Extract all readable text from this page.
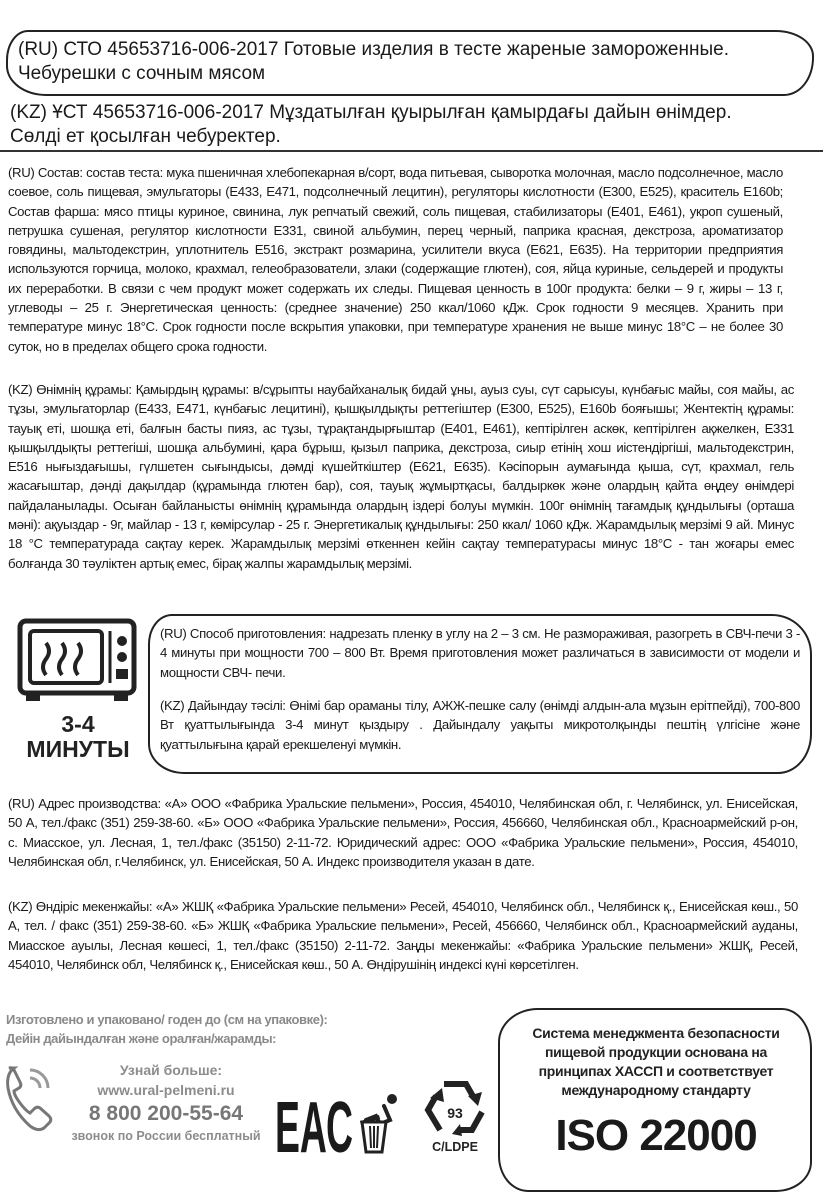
(RU) СТО 45653716-006-2017 Готовые изделия в тесте жареные замороженные.
Чебурешки с сочным мясом
(KZ) ҰСТ 45653716-006-2017 Мұздатылған қуырылған қамырдағы дайын өнімдер.
Сөлді ет қосылған чебуректер.

(RU) Состав: состав теста: мука пшеничная хлебопекарная в/сорт, вода питьевая, сыворотка молочная, масло подсолнечное, масло соевое, соль пищевая, эмульгаторы (Е433, Е471, подсолнечный лецитин), регуляторы кислотности (Е300, Е525), краситель Е160b; Состав фарша: мясо птицы куриное, свинина, лук репчатый свежий, соль пищевая, стабилизаторы (Е401, Е461), укроп сушеный, петрушка сушеная, регулятор кислотности Е331, свиной альбумин, перец черный, паприка красная, декстроза, ароматизатор говядины, мальтодекстрин, уплотнитель Е516, экстракт розмарина, усилители вкуса (Е621, Е635). На территории предприятия используются горчица, молоко, крахмал, гелеобразователи, злаки (содержащие глютен), соя, яйца куриные, сельдерей и продукты их переработки. В связи с чем продукт может содержать их следы. Пищевая ценность в 100г продукта: белки – 9 г, жиры – 13 г, углеводы – 25 г. Энергетическая ценность: (среднее значение) 250 ккал/1060 кДж. Срок годности 9 месяцев. Хранить при температуре минус 18°С. Срок годности после вскрытия упаковки, при температуре хранения не выше минус 18°С – не более 30 суток, но в пределах общего срока годности.

(KZ) Өнімнің құрамы: Қамырдың құрамы: в/сұрыпты наубайханалық бидай ұны, ауыз суы, сүт сарысуы, күнбағыс майы, соя майы, ас тұзы, эмульгаторлар (Е433, Е471, күнбағыс лецитині), қышқылдықты реттегіштер (Е300, Е525), Е160b бояғышы; Жентектің құрамы: тауық еті, шошқа еті, балғын басты пияз, ас тұзы, тұрақтандырғыштар (Е401, Е461), кептірілген аскөк, кептірілген ақжелкен, Е331 қышқылдықты реттегіші, шошқа альбумині, қара бұрыш, қызыл паприка, декстроза, сиыр етінің хош иістендіргіші, мальтодекстрин, Е516 нығыздағышы, гүлшетен сығындысы, дәмді күшейткіштер (Е621, Е635). Кәсіпорын аумағында қыша, сүт, крахмал, гель жасағыштар, дәнді дақылдар (құрамында глютен бар), соя, тауық жұмыртқасы, балдыркөк және олардың қайта өңдеу өнімдері пайдаланылады. Осыған байланысты өнімнің құрамында олардың іздері болуы мүмкін. 100г өнімнің тағамдық құндылығы (орташа мәні): ақуыздар - 9г, майлар - 13 г, көмірсулар - 25 г. Энергетикалық құндылығы: 250 ккал/ 1060 кДж. Жарамдылық мерзімі 9 ай. Минус 18 °С температурада сақтау керек. Жарамдылық мерзімі өткеннен кейін сақтау температурасы минус 18°С - тан жоғары емес болғанда 30 тәуліктен артық емес, бірақ жалпы жарамдылық мерзімі.

3-4
МИНУТЫ

(RU) Способ приготовления: надрезать пленку в углу на 2 – 3 см. Не размораживая, разогреть в СВЧ-печи 3 - 4 минуты при мощности 700 – 800 Вт. Время приготовления может различаться в зависимости от модели и мощности СВЧ- печи.

(KZ) Дайындау тәсілі: Өнімі бар ораманы тілу, АЖЖ-пешке салу (өнімді алдын-ала мұзын ерітпейді), 700-800 Вт қуаттылығында 3-4 минут қыздыру . Дайындалу уақыты микротолқынды пештің үлгісіне және қуаттылығына қарай ерекшеленуі мүмкін.

(RU) Адрес производства: «А» ООО «Фабрика Уральские пельмени», Россия, 454010, Челябинская обл, г. Челябинск, ул. Енисейская, 50 А, тел./факс (351) 259-38-60. «Б» ООО «Фабрика Уральские пельмени», Россия, 456660, Челябинская обл., Красноармейский р-он, с. Миасское, ул. Лесная, 1, тел./факс (35150) 2-11-72. Юридический адрес: ООО «Фабрика Уральские пельмени», Россия, 454010, Челябинская обл, г.Челябинск, ул. Енисейская, 50 А. Индекс производителя указан в дате.

(KZ) Өндіріс мекенжайы: «А» ЖШҚ «Фабрика Уральские пельмени» Ресей, 454010, Челябинск обл., Челябинск қ., Енисейская көш., 50 А, тел. / факс (351) 259-38-60. «Б» ЖШҚ «Фабрика Уральские пельмени», Ресей, 456660, Челябинск обл., Красноармейский ауданы, Миасское ауылы, Лесная көшесі, 1, тел./факс (35150) 2-11-72. Заңды мекенжайы: «Фабрика Уральские пельмени» ЖШҚ, Ресей, 454010, Челябинск обл, Челябинск қ., Енисейская көш., 50 А. Өндірушінің индексі күні көрсетілген.

Изготовлено и упаковано/ годен до (см на упаковке):
Дейін дайындалған және оралған/жарамды:
Узнай больше:
www.ural-pelmeni.ru
8 800 200-55-64
звонок по России бесплатный ЕАС	93
C/LDPE
Система менеджмента безопасности пищевой продукции основана на принципах ХАССП и соответствует международному стандарту
ISO 22000
